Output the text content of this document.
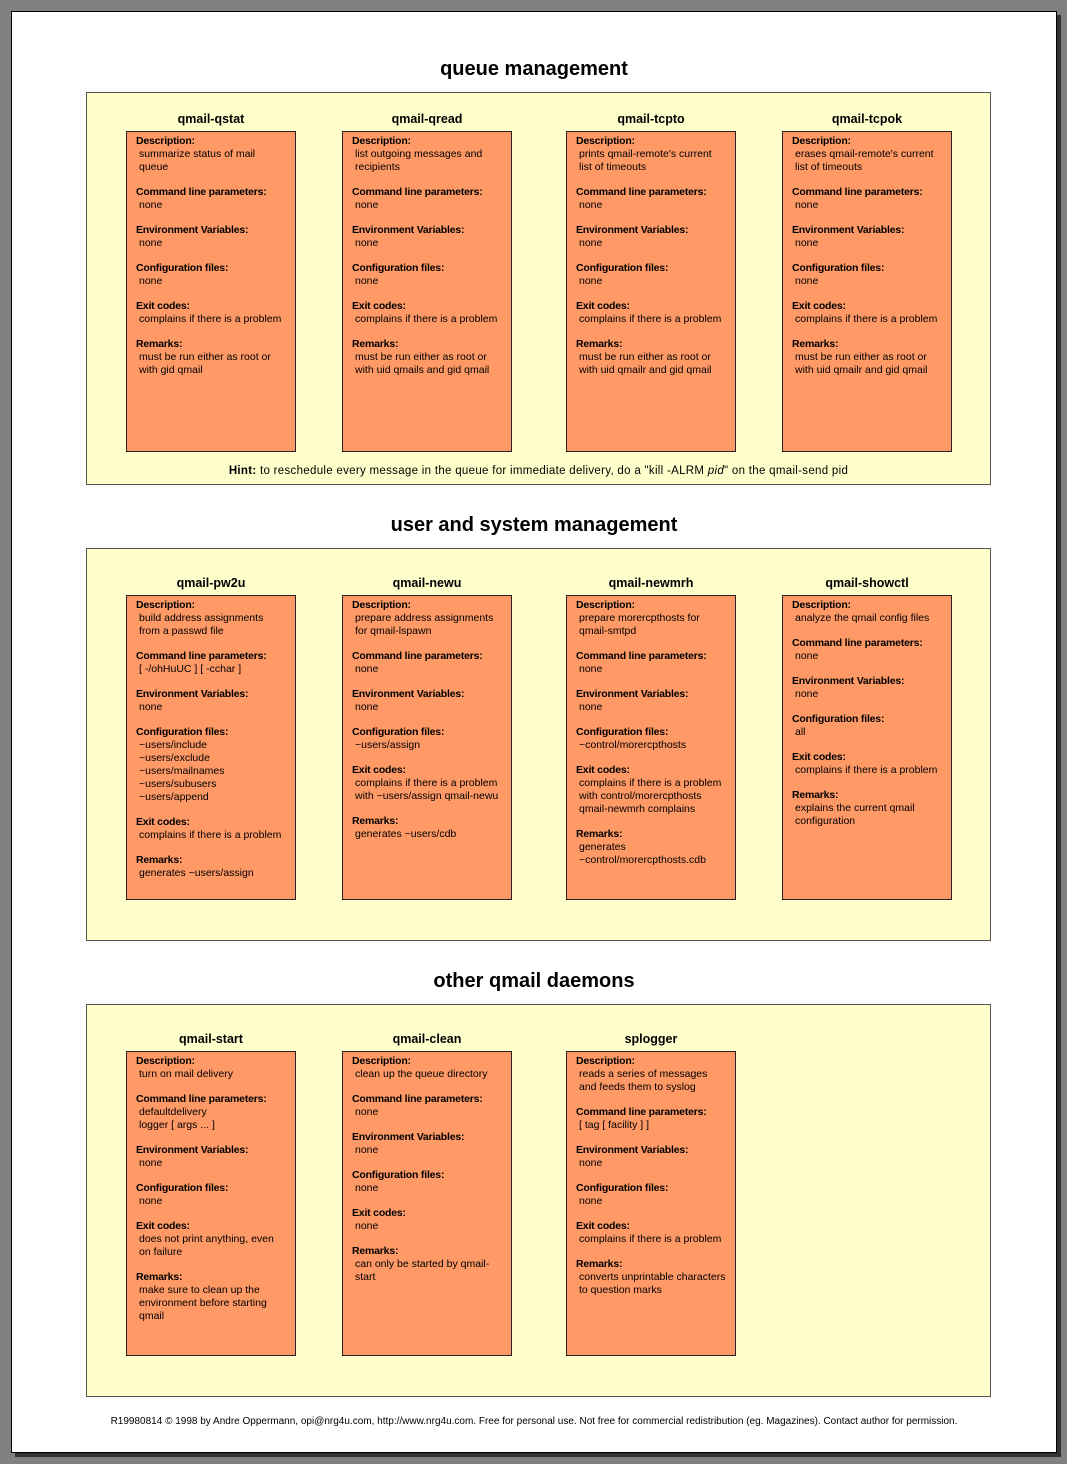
queue management
qmail-qstat
Description:
summarize status of mail queue
Command line parameters:
none
Environment Variables:
none
Configuration files:
none
Exit codes:
complains if there is a problem
Remarks:
must be run either as root or with gid qmail
qmail-qread
Description:
list outgoing messages and recipients
Command line parameters:
none
Environment Variables:
none
Configuration files:
none
Exit codes:
complains if there is a problem
Remarks:
must be run either as root or with uid qmails and gid qmail
qmail-tcpto
Description:
prints qmail-remote's current list of timeouts
Command line parameters:
none
Environment Variables:
none
Configuration files:
none
Exit codes:
complains if there is a problem
Remarks:
must be run either as root or with uid qmailr and gid qmail
qmail-tcpok
Description:
erases qmail-remote's current list of timeouts
Command line parameters:
none
Environment Variables:
none
Configuration files:
none
Exit codes:
complains if there is a problem
Remarks:
must be run either as root or with uid qmailr and gid qmail
Hint: to reschedule every message in the queue for immediate delivery, do a "kill -ALRM pid" on the qmail-send pid
user and system management
qmail-pw2u
Description:
build address assignments from a passwd file
Command line parameters:
[ -/ohHuUC ] [ -cchar ]
Environment Variables:
none
Configuration files:
~users/include
~users/exclude
~users/mailnames
~users/subusers
~users/append
Exit codes:
complains if there is a problem
Remarks:
generates ~users/assign
qmail-newu
Description:
prepare address assignments for qmail-lspawn
Command line parameters:
none
Environment Variables:
none
Configuration files:
~users/assign
Exit codes:
complains if there is a problem with ~users/assign qmail-newu
Remarks:
generates ~users/cdb
qmail-newmrh
Description:
prepare morercpthosts for qmail-smtpd
Command line parameters:
none
Environment Variables:
none
Configuration files:
~control/morercpthosts
Exit codes:
complains if there is a problem with control/morercpthosts qmail-newmrh complains
Remarks:
generates ~control/morercpthosts.cdb
qmail-showctl
Description:
analyze the qmail config files
Command line parameters:
none
Environment Variables:
none
Configuration files:
all
Exit codes:
complains if there is a problem
Remarks:
explains the current qmail configuration
other qmail daemons
qmail-start
Description:
turn on mail delivery
Command line parameters:
defaultdelivery
logger [ args ... ]
Environment Variables:
none
Configuration files:
none
Exit codes:
does not print anything, even on failure
Remarks:
make sure to clean up the environment before starting qmail
qmail-clean
Description:
clean up the queue directory
Command line parameters:
none
Environment Variables:
none
Configuration files:
none
Exit codes:
none
Remarks:
can only be started by qmail-start
splogger
Description:
reads a series of messages and feeds them to syslog
Command line parameters:
[ tag [ facility ] ]
Environment Variables:
none
Configuration files:
none
Exit codes:
complains if there is a problem
Remarks:
converts unprintable characters to question marks
R19980814 © 1998 by Andre Oppermann, opi@nrg4u.com, http://www.nrg4u.com. Free for personal use. Not free for commercial redistribution (eg. Magazines). Contact author for permission.
